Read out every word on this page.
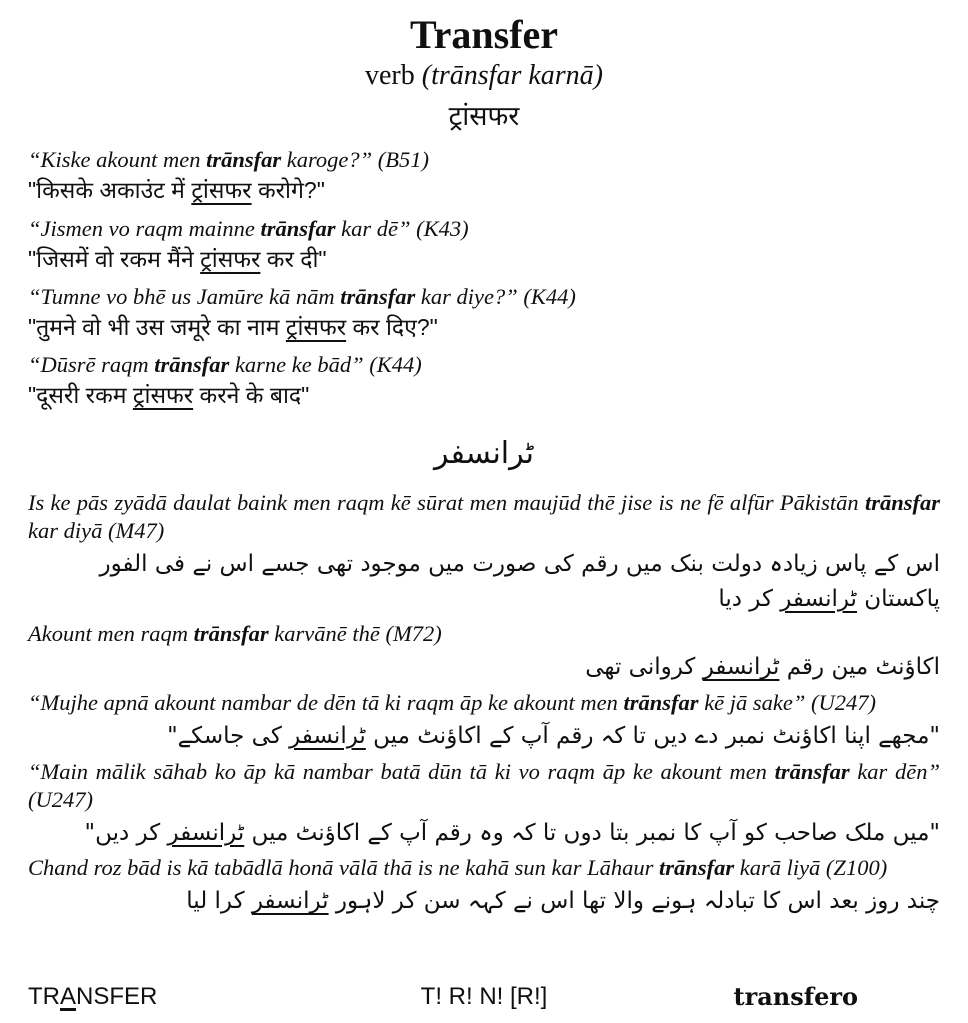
Transfer
verb (trānsfar karnā)
ट्रांसफर

“Kiske akount men trānsfar karoge?” (B51)

"किसके अकाउंट में ट्रांसफर करोगे?"

“Jismen vo raqm mainne trānsfar kar dē” (K43)

"जिसमें वो रकम मैंने ट्रांसफर कर दी"

“Tumne vo bhē us Jamūre kā nām trānsfar kar diye?” (K44)

"तुमने वो भी उस जमूरे का नाम ट्रांसफर कर दिए?"

“Dūsrē raqm trānsfar karne ke bād” (K44)

"दूसरी रकम ट्रांसफर करने के बाद"

ٹرانسفر

Is ke pās zyādā daulat baink men raqm kē sūrat men maujūd thē jise is ne fē alfūr Pākistān trānsfar kar diyā (M47)

اس کے پاس زیادہ دولت بنک میں رقم کی صورت میں موجود تھی جسے اس نے فی الفور پاکستان ٹرانسفر کر دیا

Akount men raqm trānsfar karvānē thē (M72)

اکاؤنٹ مین رقم ٹرانسفر کروانی تھی

“Mujhe apnā akount nambar de dēn tā ki raqm āp ke akount men trānsfar kē jā sake” (U247)

"مجھے اپنا اکاؤنٹ نمبر دے دیں تا کہ رقم آپ کے اکاؤنٹ میں ٹرانسفر کی جاسکے"

“Main mālik sāhab ko āp kā nambar batā dūn tā ki vo raqm āp ke akount men trānsfar kar dēn” (U247)

"میں ملک صاحب کو آپ کا نمبر بتا دوں تا کہ وہ رقم آپ کے اکاؤنٹ میں ٹرانسفر کر دیں"

Chand roz bād is kā tabādlā honā vālā thā is ne kahā sun kar Lāhaur trānsfar karā liyā (Z100)

چند روز بعد اس کا تبادلہ ہونے والا تھا اس نے کہہ سن کر لاہور ٹرانسفر کرا لیا

TRANSFER	T! R! N! [R!]	transfero
